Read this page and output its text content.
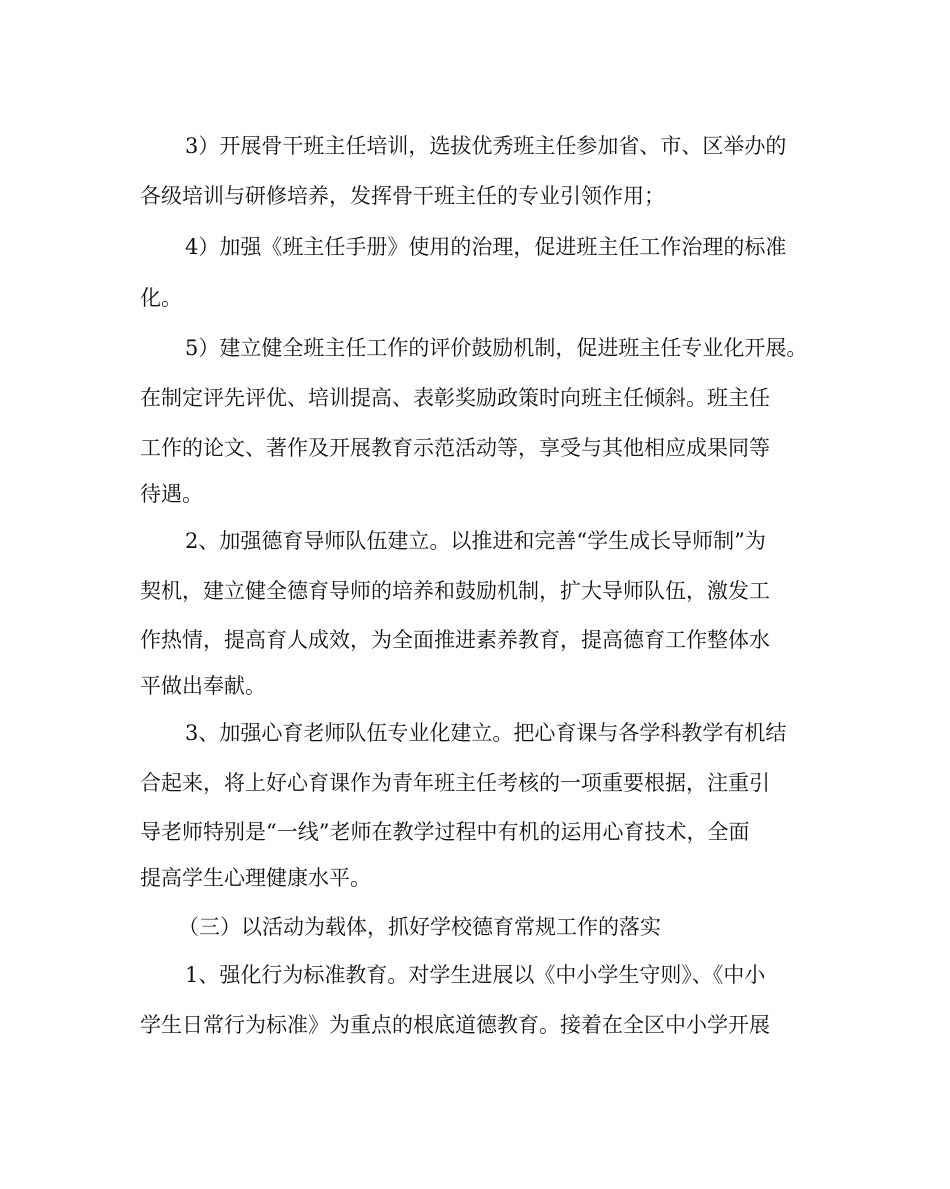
3）开展骨干班主任培训，选拔优秀班主任参加省、市、区举办的
各级培训与研修培养，发挥骨干班主任的专业引领作用；
4）加强《班主任手册》使用的治理，促进班主任工作治理的标准
化。
5）建立健全班主任工作的评价鼓励机制，促进班主任专业化开展。
在制定评先评优、培训提高、表彰奖励政策时向班主任倾斜。班主任
工作的论文、著作及开展教育示范活动等，享受与其他相应成果同等
待遇。
2、加强德育导师队伍建立。以推进和完善“学生成长导师制”为
契机，建立健全德育导师的培养和鼓励机制，扩大导师队伍，激发工
作热情，提高育人成效，为全面推进素养教育，提高德育工作整体水
平做出奉献。
3、加强心育老师队伍专业化建立。把心育课与各学科教学有机结
合起来，将上好心育课作为青年班主任考核的一项重要根据，注重引
导老师特别是“一线”老师在教学过程中有机的运用心育技术，全面
提高学生心理健康水平。
（三）以活动为载体，抓好学校德育常规工作的落实
1、强化行为标准教育。对学生进展以《中小学生守则》、《中小
学生日常行为标准》为重点的根底道德教育。接着在全区中小学开展
